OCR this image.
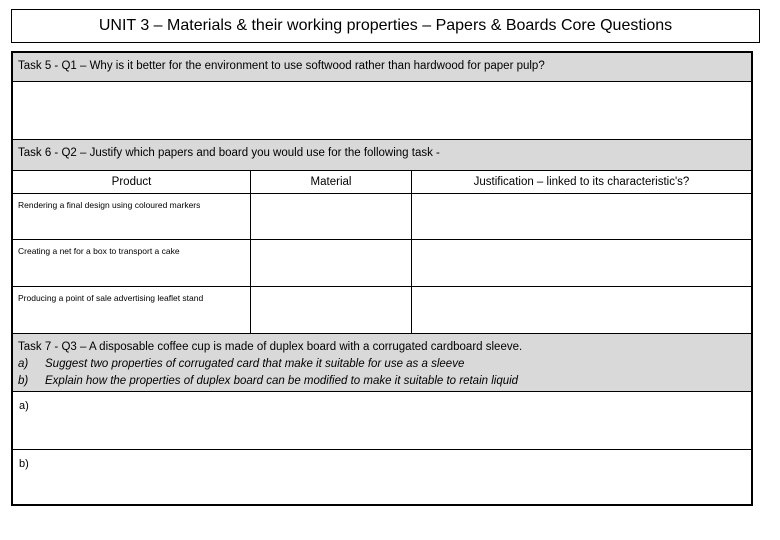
UNIT 3 – Materials & their working properties – Papers & Boards Core Questions
Task 5 - Q1 – Why is it better for the environment to use softwood rather than hardwood for paper pulp?
Task 6 - Q2 – Justify which papers and board you would use for the following task -
Product	Material	Justification – linked to its characteristic's?
Rendering a final design using coloured markers
Creating a net for a box to transport a cake
Producing a point of sale advertising leaflet stand
Task 7 - Q3 – A disposable coffee cup is made of duplex board with a corrugated cardboard sleeve.
a) Suggest two properties of corrugated card that make it suitable for use as a sleeve
b) Explain how the properties of duplex board can be modified to make it suitable to retain liquid
a)
b)
